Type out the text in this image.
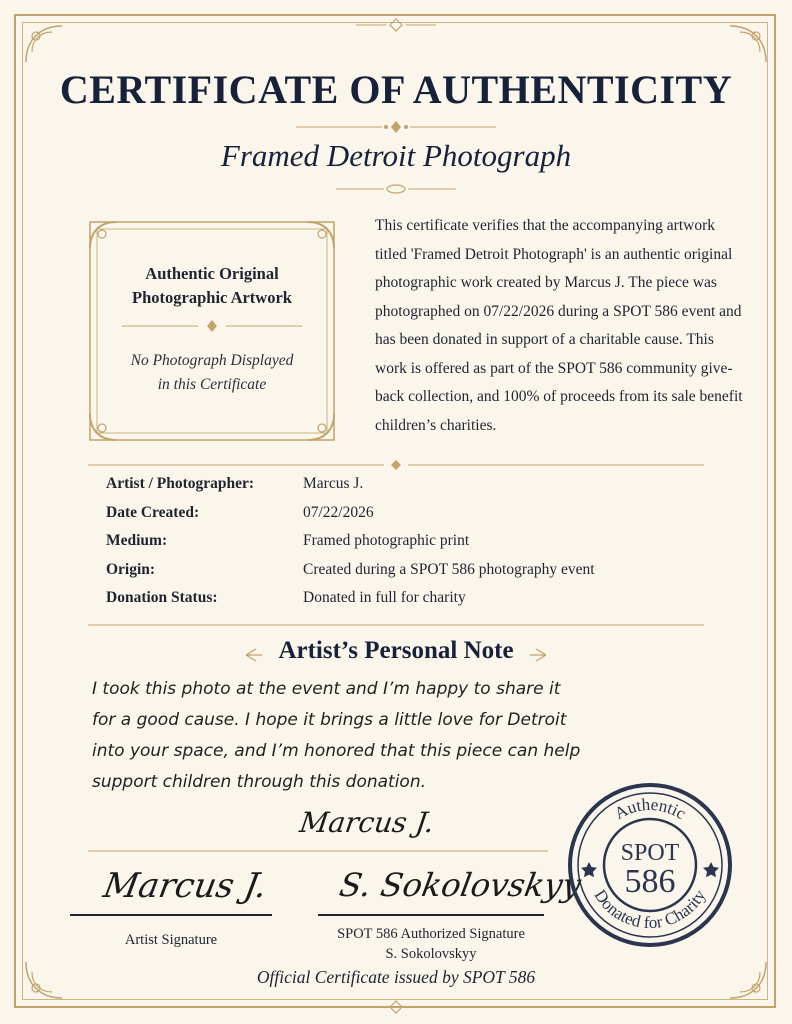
CERTIFICATE OF AUTHENTICITY
Framed Detroit Photograph
Authentic Original
Photographic Artwork
No Photograph Displayed
in this Certificate
This certificate verifies that the accompanying artwork titled 'Framed Detroit Photograph' is an authentic original photographic work created by Marcus J. The piece was photographed on 07/22/2026 during a SPOT 586 event and has been donated in support of a charitable cause. This work is offered as part of the SPOT 586 community give-back collection, and 100% of proceeds from its sale benefit children’s charities.
Artist / Photographer:	Marcus J.
Date Created:	07/22/2026
Medium:	Framed photographic print
Origin:	Created during a SPOT 586 photography event
Donation Status:	Donated in full for charity
Artist’s Personal Note
I took this photo at the event and I’m happy to share it
for a good cause. I hope it brings a little love for Detroit
into your space, and I’m honored that this piece can help
support children through this donation.
Marcus J.
Marcus J.
Artist Signature
S. Sokolovskyy
SPOT 586 Authorized Signature
S. Sokolovskyy
Official Certificate issued by SPOT 586
Authentic
Donated for Charity
SPOT
586
